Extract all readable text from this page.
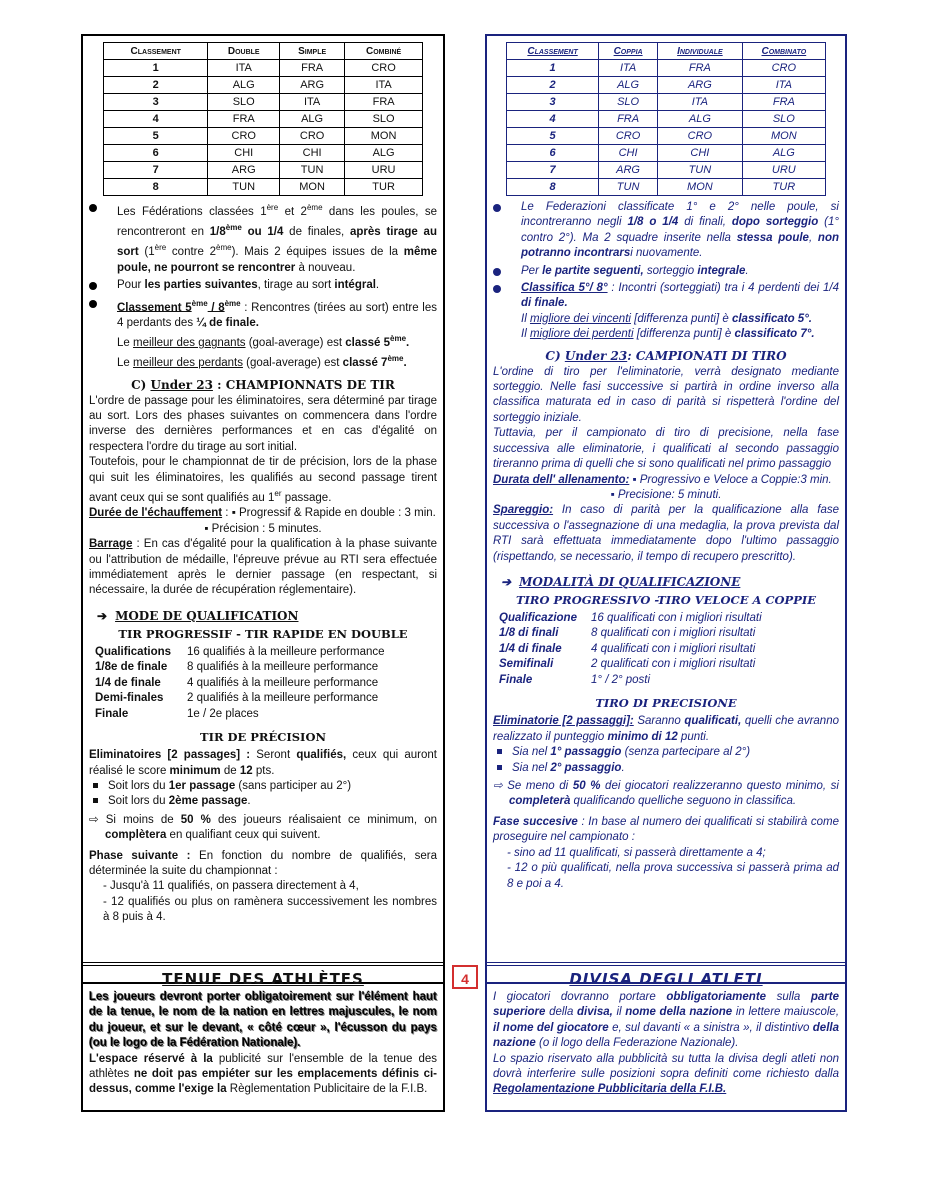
Classement	Double	Simple	Combiné
1	ITA	FRA	CRO
2	ALG	ARG	ITA
3	SLO	ITA	FRA
4	FRA	ALG	SLO
5	CRO	CRO	MON
6	CHI	CHI	ALG
7	ARG	TUN	URU
8	TUN	MON	TUR
Les Fédérations classées 1ère et 2ème dans les poules, se rencontreront en 1/8ème ou 1/4 de finales, après tirage au sort (1ère contre 2ème). Mais 2 équipes issues de la même poule, ne pourront se rencontrer à nouveau.
Pour les parties suivantes, tirage au sort intégral.
Classement 5ème / 8ème : Rencontres (tirées au sort) entre les 4 perdants des ¼ de finale.
Le meilleur des gagnants (goal-average) est classé 5ème.
Le meilleur des perdants (goal-average) est classé 7ème.
C) Under 23 : CHAMPIONNATS DE TIR

L'ordre de passage pour les éliminatoires, sera déterminé par tirage au sort. Lors des phases suivantes on commencera dans l'ordre inverse des dernières performances et en cas d'égalité on respectera l'ordre du tirage au sort initial.

Toutefois, pour le championnat de tir de précision, lors de la phase qui suit les éliminatoires, les qualifiés au second passage tirent avant ceux qui se sont qualifiés au 1er passage.

Durée de l'échauffement : ▪ Progressif & Rapide en double : 3 min.

▪ Précision : 5 minutes.

Barrage : En cas d'égalité pour la qualification à la phase suivante ou l'attribution de médaille, l'épreuve prévue au RTI sera effectuée immédiatement après le dernier passage (en respectant, si nécessaire, la durée de récupération réglementaire).

➔ MODE DE QUALIFICATION
TIR PROGRESSIF - TIR RAPIDE EN DOUBLE
Qualifications	16 qualifiés à la meilleure performance
1/8e de finale	8 qualifiés à la meilleure performance
1/4 de finale	4 qualifiés à la meilleure performance
Demi-finales	2 qualifiés à la meilleure performance
Finale	1e / 2e places
TIR DE PRÉCISION

Eliminatoires [2 passages] : Seront qualifiés, ceux qui auront réalisé le score minimum de 12 pts.

Soit lors du 1er passage (sans participer au 2°)

Soit lors du 2ème passage.

⇨ Si moins de 50 % des joueurs réalisaient ce minimum, on complètera en qualifiant ceux qui suivent.

Phase suivante : En fonction du nombre de qualifiés, sera déterminée la suite du championnat :

- Jusqu'à 11 qualifiés, on passera directement à 4,

- 12 qualifiés ou plus on ramènera successivement les nombres à 8 puis à 4.

TENUE DES ATHLÈTES

Les joueurs devront porter obligatoirement sur l'élément haut de la tenue, le nom de la nation en lettres majuscules, le nom du joueur, et sur le devant, « côté cœur », l'écusson du pays (ou le logo de la Fédération Nationale).

L'espace réservé à la publicité sur l'ensemble de la tenue des athlètes ne doit pas empiéter sur les emplacements définis ci-dessus, comme l'exige la Règlementation Publicitaire de la F.I.B.

4
Classement	Coppia	Individuale	Combinato
1	ITA	FRA	CRO
2	ALG	ARG	ITA
3	SLO	ITA	FRA
4	FRA	ALG	SLO
5	CRO	CRO	MON
6	CHI	CHI	ALG
7	ARG	TUN	URU
8	TUN	MON	TUR
Le Federazioni classificate 1° e 2° nelle poule, si incontreranno negli 1/8 o 1/4 di finali, dopo sorteggio (1° contro 2°). Ma 2 squadre inserite nella stessa poule, non potranno incontrarsi nuovamente.
Per le partite seguenti, sorteggio integrale.
Classifica 5°/ 8° : Incontri (sorteggiati) tra i 4 perdenti dei 1/4 di finale.
Il migliore dei vincenti [differenza punti] è classificato 5°.
Il migliore dei perdenti [differenza punti] è classificato 7°.
C) Under 23: CAMPIONATI DI TIRO

L'ordine di tiro per l'eliminatorie, verrà designato mediante sorteggio. Nelle fasi successive si partirà in ordine inverso alla classifica maturata ed in caso di parità si rispetterà l'ordine del sorteggio iniziale.

Tuttavia, per il campionato di tiro di precisione, nella fase successiva alle eliminatorie, i qualificati al secondo passaggio tireranno prima di quelli che si sono qualificati nel primo passaggio

Durata dell' allenamento: ▪ Progressivo e Veloce a Coppie:3 min.

▪ Precisione: 5 minuti.

Spareggio: In caso di parità per la qualificazione alla fase successiva o l'assegnazione di una medaglia, la prova prevista dal RTI sarà effettuata immediatamente dopo l'ultimo passaggio (rispettando, se necessario, il tempo di recupero prescritto).

➔ MODALITÀ DI QUALIFICAZIONE
TIRO PROGRESSIVO -TIRO VELOCE A COPPIE
Qualificazione	16 qualificati con i migliori risultati
1/8 di finali	8 qualificati con i migliori risultati
1/4 di finale	4 qualificati con i migliori risultati
Semifinali	2 qualificati con i migliori risultati
Finale	1° / 2° posti
TIRO DI PRECISIONE

Eliminatorie [2 passaggi]: Saranno qualificati, quelli che avranno realizzato il punteggio minimo di 12 punti.

Sia nel 1° passaggio (senza partecipare al 2°)

Sia nel 2° passaggio.

⇨ Se meno di 50 % dei giocatori realizzeranno questo minimo, si completerà qualificando quelliche seguono in classifica.

Fase succesive : In base al numero dei qualificati si stabilirà come proseguire nel campionato :

- sino ad 11 qualificati, si passerà direttamente a 4;

- 12 o più qualificati, nella prova successiva si passerà prima ad 8 e poi a 4.

DIVISA DEGLI ATLETI

I giocatori dovranno portare obbligatoriamente sulla parte superiore della divisa, il nome della nazione in lettere maiuscole, il nome del giocatore e, sul davanti « a sinistra », il distintivo della nazione (o il logo della Federazione Nazionale).

Lo spazio riservato alla pubblicità su tutta la divisa degli atleti non dovrà interferire sulle posizioni sopra definiti come richiesto dalla Regolamentazione Pubblicitaria della F.I.B.
